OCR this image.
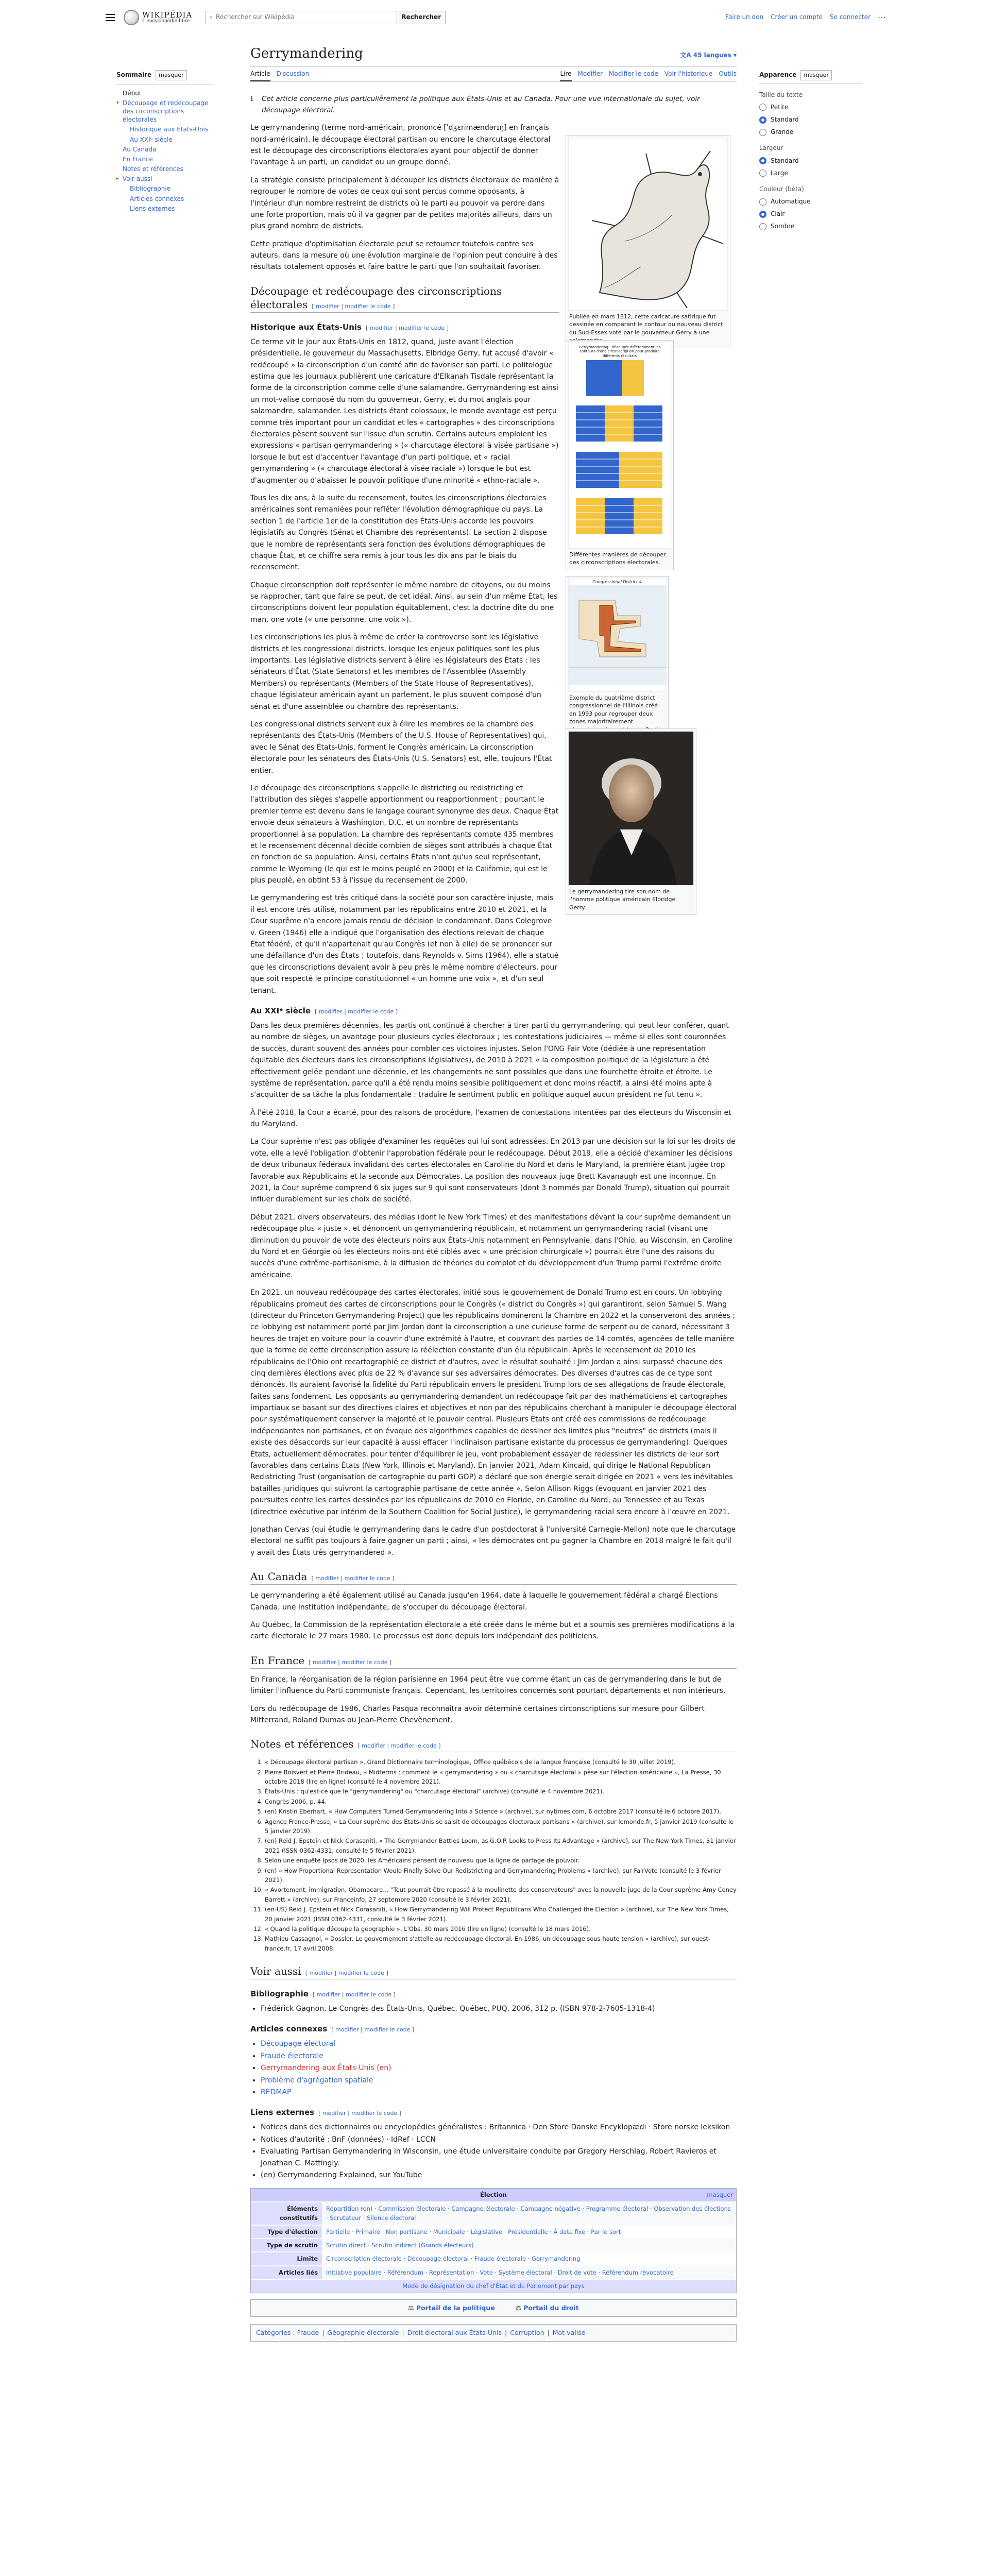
WIKIPÉDIA
L'encyclopédie libre
⌕ Rechercher sur Wikipédia	Rechercher	Faire un don Créer un compte Se connecter ⋯
Gerrymandering	文A 45 langues ▾
Article Discussion	Lire Modifier Modifier le code Voir l'historique Outils
Sommaire	masquer
Début
▾ Découpage et redécoupage des circonscriptions électorales
Historique aux États-Unis
Au XXIᵉ siècle
Au Canada
En France
Notes et références
▸ Voir aussi
Bibliographie
Articles connexes
Liens externes
Apparence	masquer
Taille du texte
Petite
Standard
Grande
Largeur
Standard
Large
Couleur (bêta)
Automatique
Clair
Sombre
Publiée en mars 1812, cette caricature satirique fut dessinée en comparant le contour du nouveau district du Sud-Essex voté par le gouverneur Gerry à une
Gerrymandering : découper différemment les contours d'une circonscription pour produire différents résultats
Différentes manières de découper des circonscriptions électorales.
Congressional District 4
Exemple du quatrième district congressionnel de l'Illinois créé en 1993 pour regrouper deux zones majoritairement
Le gerrymandering tire son nom de l'homme politique américain Elbridge Gerry.
ℹ Cet article concerne plus particulièrement la politique aux États-Unis et au Canada. Pour une vue internationale du sujet, voir découpage électoral.

Le gerrymandering (terme nord-américain, prononcé [ˈdʒɛrimændərɪŋ] en français nord-américain), le découpage électoral partisan ou encore le charcutage électoral est le découpage des circonscriptions électorales ayant pour objectif de donner l'avantage à un parti, un candidat ou un groupe donné.

La stratégie consiste principalement à découper les districts électoraux de manière à regrouper le nombre de votes de ceux qui sont perçus comme opposants, à l'intérieur d'un nombre restreint de districts où le parti au pouvoir va perdre dans une forte proportion, mais où il va gagner par de petites majorités ailleurs, dans un plus grand nombre de districts.

Cette pratique d'optimisation électorale peut se retourner toutefois contre ses auteurs, dans la mesure où une évolution marginale de l'opinion peut conduire à des résultats totalement opposés et faire battre le parti que l'on souhaitait favoriser.

Découpage et redécoupage des circonscriptions électorales [ modifier | modifier le code ]
Historique aux États-Unis [ modifier | modifier le code ]

Ce terme vit le jour aux États-Unis en 1812, quand, juste avant l'élection présidentielle, le gouverneur du Massachusetts, Elbridge Gerry, fut accusé d'avoir « redécoupé » la circonscription d'un comté afin de favoriser son parti. Le politologue estima que les journaux publièrent une caricature d'Elkanah Tisdale représentant la forme de la circonscription comme celle d'une salamandre. Gerrymandering est ainsi un mot-valise composé du nom du gouverneur, Gerry, et du mot anglais pour salamandre, salamander. Les districts étant colossaux, le monde avantage est perçu comme très important pour un candidat et les « cartographes » des circonscriptions électorales pèsent souvent sur l'issue d'un scrutin. Certains auteurs emploient les expressions « partisan gerrymandering » (« charcutage électoral à visée partisane ») lorsque le but est d'accentuer l'avantage d'un parti politique, et « racial gerrymandering » (« charcutage électoral à visée raciale ») lorsque le but est d'augmenter ou d'abaisser le pouvoir politique d'une minorité « ethno-raciale ».

Tous les dix ans, à la suite du recensement, toutes les circonscriptions électorales américaines sont remaniées pour refléter l'évolution démographique du pays. La section 1 de l'article 1er de la constitution des États-Unis accorde les pouvoirs législatifs au Congrès (Sénat et Chambre des représentants). La section 2 dispose que le nombre de représentants sera fonction des évolutions démographiques de chaque État, et ce chiffre sera remis à jour tous les dix ans par le biais du recensement.

Chaque circonscription doit représenter le même nombre de citoyens, ou du moins se rapprocher, tant que faire se peut, de cet idéal. Ainsi, au sein d'un même État, les circonscriptions doivent leur population équitablement, c'est la doctrine dite du one man, one vote (« une personne, une voix »).

Les circonscriptions les plus à même de créer la controverse sont les législative districts et les congressional districts, lorsque les enjeux politiques sont les plus importants. Les législative districts servent à élire les législateurs des États : les sénateurs d'État (State Senators) et les membres de l'Assemblée (Assembly Members) ou représentants (Members of the State House of Representatives), chaque législateur américain ayant un parlement, le plus souvent composé d'un sénat et d'une assemblée ou chambre des représentants.

Les congressional districts servent eux à élire les membres de la chambre des représentants des États-Unis (Members of the U.S. House of Representatives) qui, avec le Sénat des États-Unis, forment le Congrès américain. La circonscription électorale pour les sénateurs des États-Unis (U.S. Senators) est, elle, toujours l'État entier.

Le découpage des circonscriptions s'appelle le districting ou redistricting et l'attribution des sièges s'appelle apportionment ou reapportionment ; pourtant le premier terme est devenu dans le langage courant synonyme des deux. Chaque État envoie deux sénateurs à Washington, D.C. et un nombre de représentants proportionnel à sa population. La chambre des représentants compte 435 membres et le recensement décennal décide combien de sièges sont attribués à chaque État en fonction de sa population. Ainsi, certains États n'ont qu'un seul représentant, comme le Wyoming (le qui est le moins peuplé en 2000) et la Californie, qui est le plus peuplé, en obtint 53 à l'issue du recensement de 2000.

Le gerrymandering est très critiqué dans la société pour son caractère injuste, mais il est encore très utilisé, notamment par les républicains entre 2010 et 2021, et la Cour suprême n'a encore jamais rendu de décision le condamnant. Dans Colegrove v. Green (1946) elle a indiqué que l'organisation des élections relevait de chaque État fédéré, et qu'il n'appartenait qu'au Congrès (et non à elle) de se prononcer sur une défaillance d'un des États ; toutefois, dans Reynolds v. Sims (1964), elle a statué que les circonscriptions devaient avoir à peu près le même nombre d'électeurs, pour que soit respecté le principe constitutionnel « un homme une voix », et d'un seul tenant.

Au XXIᵉ siècle [ modifier | modifier le code ]

Dans les deux premières décennies, les partis ont continué à chercher à tirer parti du gerrymandering, qui peut leur conférer, quant au nombre de sièges, un avantage pour plusieurs cycles électoraux ; les contestations judiciaires — même si elles sont couronnées de succès, durant souvent des années pour combler ces victoires injustes. Selon l'ONG Fair Vote (dédiée à une représentation équitable des électeurs dans les circonscriptions législatives), de 2010 à 2021 « la composition politique de la législature a été effectivement gelée pendant une décennie, et les changements ne sont possibles que dans une fourchette étroite et étroite. Le système de représentation, parce qu'il a été rendu moins sensible politiquement et donc moins réactif, a ainsi été moins apte à s'acquitter de sa tâche la plus fondamentale : traduire le sentiment public en politique auquel aucun président ne fut tenu ».

À l'été 2018, la Cour a écarté, pour des raisons de procédure, l'examen de contestations intentées par des électeurs du Wisconsin et du Maryland.

La Cour suprême n'est pas obligée d'examiner les requêtes qui lui sont adressées. En 2013 par une décision sur la loi sur les droits de vote, elle a levé l'obligation d'obtenir l'approbation fédérale pour le redécoupage. Début 2019, elle a décidé d'examiner les décisions de deux tribunaux fédéraux invalidant des cartes électorales en Caroline du Nord et dans le Maryland, la première étant jugée trop favorable aux Républicains et la seconde aux Démocrates. La position des nouveaux juge Brett Kavanaugh est une inconnue. En 2021, la Cour suprême comprend 6 six juges sur 9 qui sont conservateurs (dont 3 nommés par Donald Trump), situation qui pourrait influer durablement sur les choix de société.

Début 2021, divers observateurs, des médias (dont le New York Times) et des manifestations dévant la cour suprême demandent un redécoupage plus « juste », et dénoncent un gerrymandering républicain, et notamment un gerrymandering racial (visant une diminution du pouvoir de vote des électeurs noirs aux États-Unis notamment en Pennsylvanie, dans l'Ohio, au Wisconsin, en Caroline du Nord et en Géorgie où les électeurs noirs ont été ciblés avec « une précision chirurgicale ») pourrait être l'une des raisons du succès d'une extrême-partisanisme, à la diffusion de théories du complot et du développement d'un Trump parmi l'extrême droite américaine.

En 2021, un nouveau redécoupage des cartes électorales, initié sous le gouvernement de Donald Trump est en cours. Un lobbying républicains promeut des cartes de circonscriptions pour le Congrès (« district du Congrès ») qui garantiront, selon Samuel S. Wang (directeur du Princeton Gerrymandering Project) que les républicains domineront la Chambre en 2022 et la conserveront des années ; ce lobbying est notamment porté par Jim Jordan dont la circonscription a une curieuse forme de serpent ou de canard, nécessitant 3 heures de trajet en voiture pour la couvrir d'une extrémité à l'autre, et couvrant des parties de 14 comtés, agencées de telle manière que la forme de cette circonscription assure la réélection constante d'un élu républicain. Après le recensement de 2010 les républicains de l'Ohio ont recartographié ce district et d'autres, avec le résultat souhaité : Jim Jordan a ainsi surpassé chacune des cinq dernières élections avec plus de 22 % d'avance sur ses adversaires démocrates. Des diverses d'autres cas de ce type sont dénoncés. Ils auraient favorisé la fidélité du Parti républicain envers le président Trump lors de ses allégations de fraude électorale, faites sans fondement. Les opposants au gerrymandering demandent un redécoupage fait par des mathématiciens et cartographes impartiaux se basant sur des directives claires et objectives et non par des républicains cherchant à manipuler le découpage électoral pour systématiquement conserver la majorité et le pouvoir central. Plusieurs États ont créé des commissions de redécoupage indépendantes non partisanes, et on évoque des algorithmes capables de dessiner des limites plus "neutres" de districts (mais il existe des désaccords sur leur capacité à aussi effacer l'inclinaison partisane existante du processus de gerrymandering). Quelques États, actuellement démocrates, pour tenter d'équilibrer le jeu, vont probablement essayer de redessiner les districts de leur sort favorables dans certains États (New York, Illinois et Maryland). En janvier 2021, Adam Kincaid, qui dirige le National Republican Redistricting Trust (organisation de cartographie du parti GOP) a déclaré que son énergie serait dirigée en 2021 « vers les inévitables batailles juridiques qui suivront la cartographie partisane de cette année ». Selon Allison Riggs (évoquant en janvier 2021 des poursuites contre les cartes dessinées par les républicains de 2010 en Floride, en Caroline du Nord, au Tennessee et au Texas (directrice exécutive par intérim de la Southern Coalition for Social Justice), le gerrymandering racial sera encore à l'œuvre en 2021.

Jonathan Cervas (qui étudie le gerrymandering dans le cadre d'un postdoctorat à l'université Carnegie-Mellon) note que le charcutage électoral ne suffit pas toujours à faire gagner un parti ; ainsi, « les démocrates ont pu gagner la Chambre en 2018 malgré le fait qu'il y avait des États très gerrymandered ».

Au Canada [ modifier | modifier le code ]

Le gerrymandering a été également utilisé au Canada jusqu'en 1964, date à laquelle le gouvernement fédéral a chargé Élections Canada, une institution indépendante, de s'occuper du découpage électoral.

Au Québec, la Commission de la représentation électorale a été créée dans le même but et a soumis ses premières modifications à la carte électorale le 27 mars 1980. Le processus est donc depuis lors indépendant des politiciens.

En France [ modifier | modifier le code ]

En France, la réorganisation de la région parisienne en 1964 peut être vue comme étant un cas de gerrymandering dans le but de limiter l'influence du Parti communiste français. Cependant, les territoires concernés sont pourtant départements et non intérieurs.

Lors du redécoupage de 1986, Charles Pasqua reconnaîtra avoir déterminé certaines circonscriptions sur mesure pour Gilbert Mitterrand, Roland Dumas ou Jean-Pierre Chevènement.

Notes et références [ modifier | modifier le code ]
1. « Découpage électoral partisan », Grand Dictionnaire terminologique, Office québécois de la langue française (consulté le 30 juillet 2019).
2. Pierre Boisvert et Pierre Brideau, « Midterms : comment le « gerrymandering » ou « charcutage électoral » pèse sur l'élection américaine », La Presse, 30 octobre 2018 (lire en ligne) (consulté le 4 novembre 2021).
3. États-Unis : qu'est-ce que le "gerrymandering" ou "charcutage électoral" (archive) (consulté le 4 novembre 2021).
4. Congrès 2006, p. 44.
5. (en) Kristin Eberhart, « How Computers Turned Gerrymandering Into a Science » (archive), sur nytimes.com, 6 octobre 2017 (consulté le 6 octobre 2017).
6. Agence France-Presse, « La Cour suprême des États-Unis se saisit de découpages électoraux partisans » (archive), sur lemonde.fr, 5 janvier 2019 (consulté le 5 janvier 2019).
7. (en) Reid J. Epstein et Nick Corasaniti, « The Gerrymander Battles Loom, as G.O.P. Looks to Press Its Advantage » (archive), sur The New York Times, 31 janvier 2021 (ISSN 0362-4331, consulté le 5 février 2021).
8. Selon une enquête Ipsos de 2020, les Américains pensent de nouveau que la ligne de partage de pouvoir.
9. (en) « How Proportional Representation Would Finally Solve Our Redistricting and Gerrymandering Problems » (archive), sur FairVote (consulté le 3 février 2021).
10. « Avortement, immigration, Obamacare… "Tout pourrait être repassé à la moulinette des conservateurs" avec la nouvelle juge de la Cour suprême Amy Coney Barrett » (archive), sur Franceinfo, 27 septembre 2020 (consulté le 3 février 2021).
11. (en-US) Reid J. Epstein et Nick Corasaniti, « How Gerrymandering Will Protect Republicans Who Challenged the Election » (archive), sur The New York Times, 20 janvier 2021 (ISSN 0362-4331, consulté le 3 février 2021).
12. « Quand la politique découpe la géographie », L'Obs, 30 mars 2016 (lire en ligne) (consulté le 18 mars 2016).
13. Mathieu Cassagnol, « Dossier. Le gouvernement s'attelle au redécoupage électoral. En 1986, un découpage sous haute tension » (archive), sur ouest-france.fr, 17 avril 2008.
Voir aussi [ modifier | modifier le code ]
Bibliographie [ modifier | modifier le code ]
• Frédérick Gagnon, Le Congrès des États-Unis, Québec, Québec, PUQ, 2006, 312 p. (ISBN 978-2-7605-1318-4)
Articles connexes [ modifier | modifier le code ]
• Découpage électoral
• Fraude électorale
• Gerrymandering aux États-Unis (en)
• Problème d'agrégation spatiale
• REDMAP
Liens externes [ modifier | modifier le code ]
• Notices dans des dictionnaires ou encyclopédies généralistes : Britannica · Den Store Danske Encyklopædi · Store norske leksikon
• Notices d'autorité : BnF (données) · IdRef · LCCN
• Evaluating Partisan Gerrymandering in Wisconsin, une étude universitaire conduite par Gregory Herschlag, Robert Ravieros et Jonathan C. Mattingly.
• (en) Gerrymandering Explained, sur YouTube
Élection	masquer
Éléments constitutifs
Répartition (en) · Commission électorale · Campagne électorale · Campagne négative · Programme électoral · Observation des élections · Scrutateur · Silence électoral
Type d'élection	Partielle · Primaire · Non partisane · Municipale · Législative · Présidentielle · À date fixe · Par le sort
Type de scrutin	Scrutin direct · Scrutin indirect (Grands électeurs)
Limite	Circonscription électorale · Découpage électoral · Fraude électorale · Gerrymandering
Articles liés	Initiative populaire · Référendum · Représentation · Vote · Système électoral · Droit de vote · Référendum révocatoire
Mode de désignation du chef d'État et du Parlement par pays
⚖ Portail de la politique	⚖ Portail du droit
Catégories : Fraude | Géographie électorale | Droit électoral aux États-Unis | Corruption | Mot-valise
